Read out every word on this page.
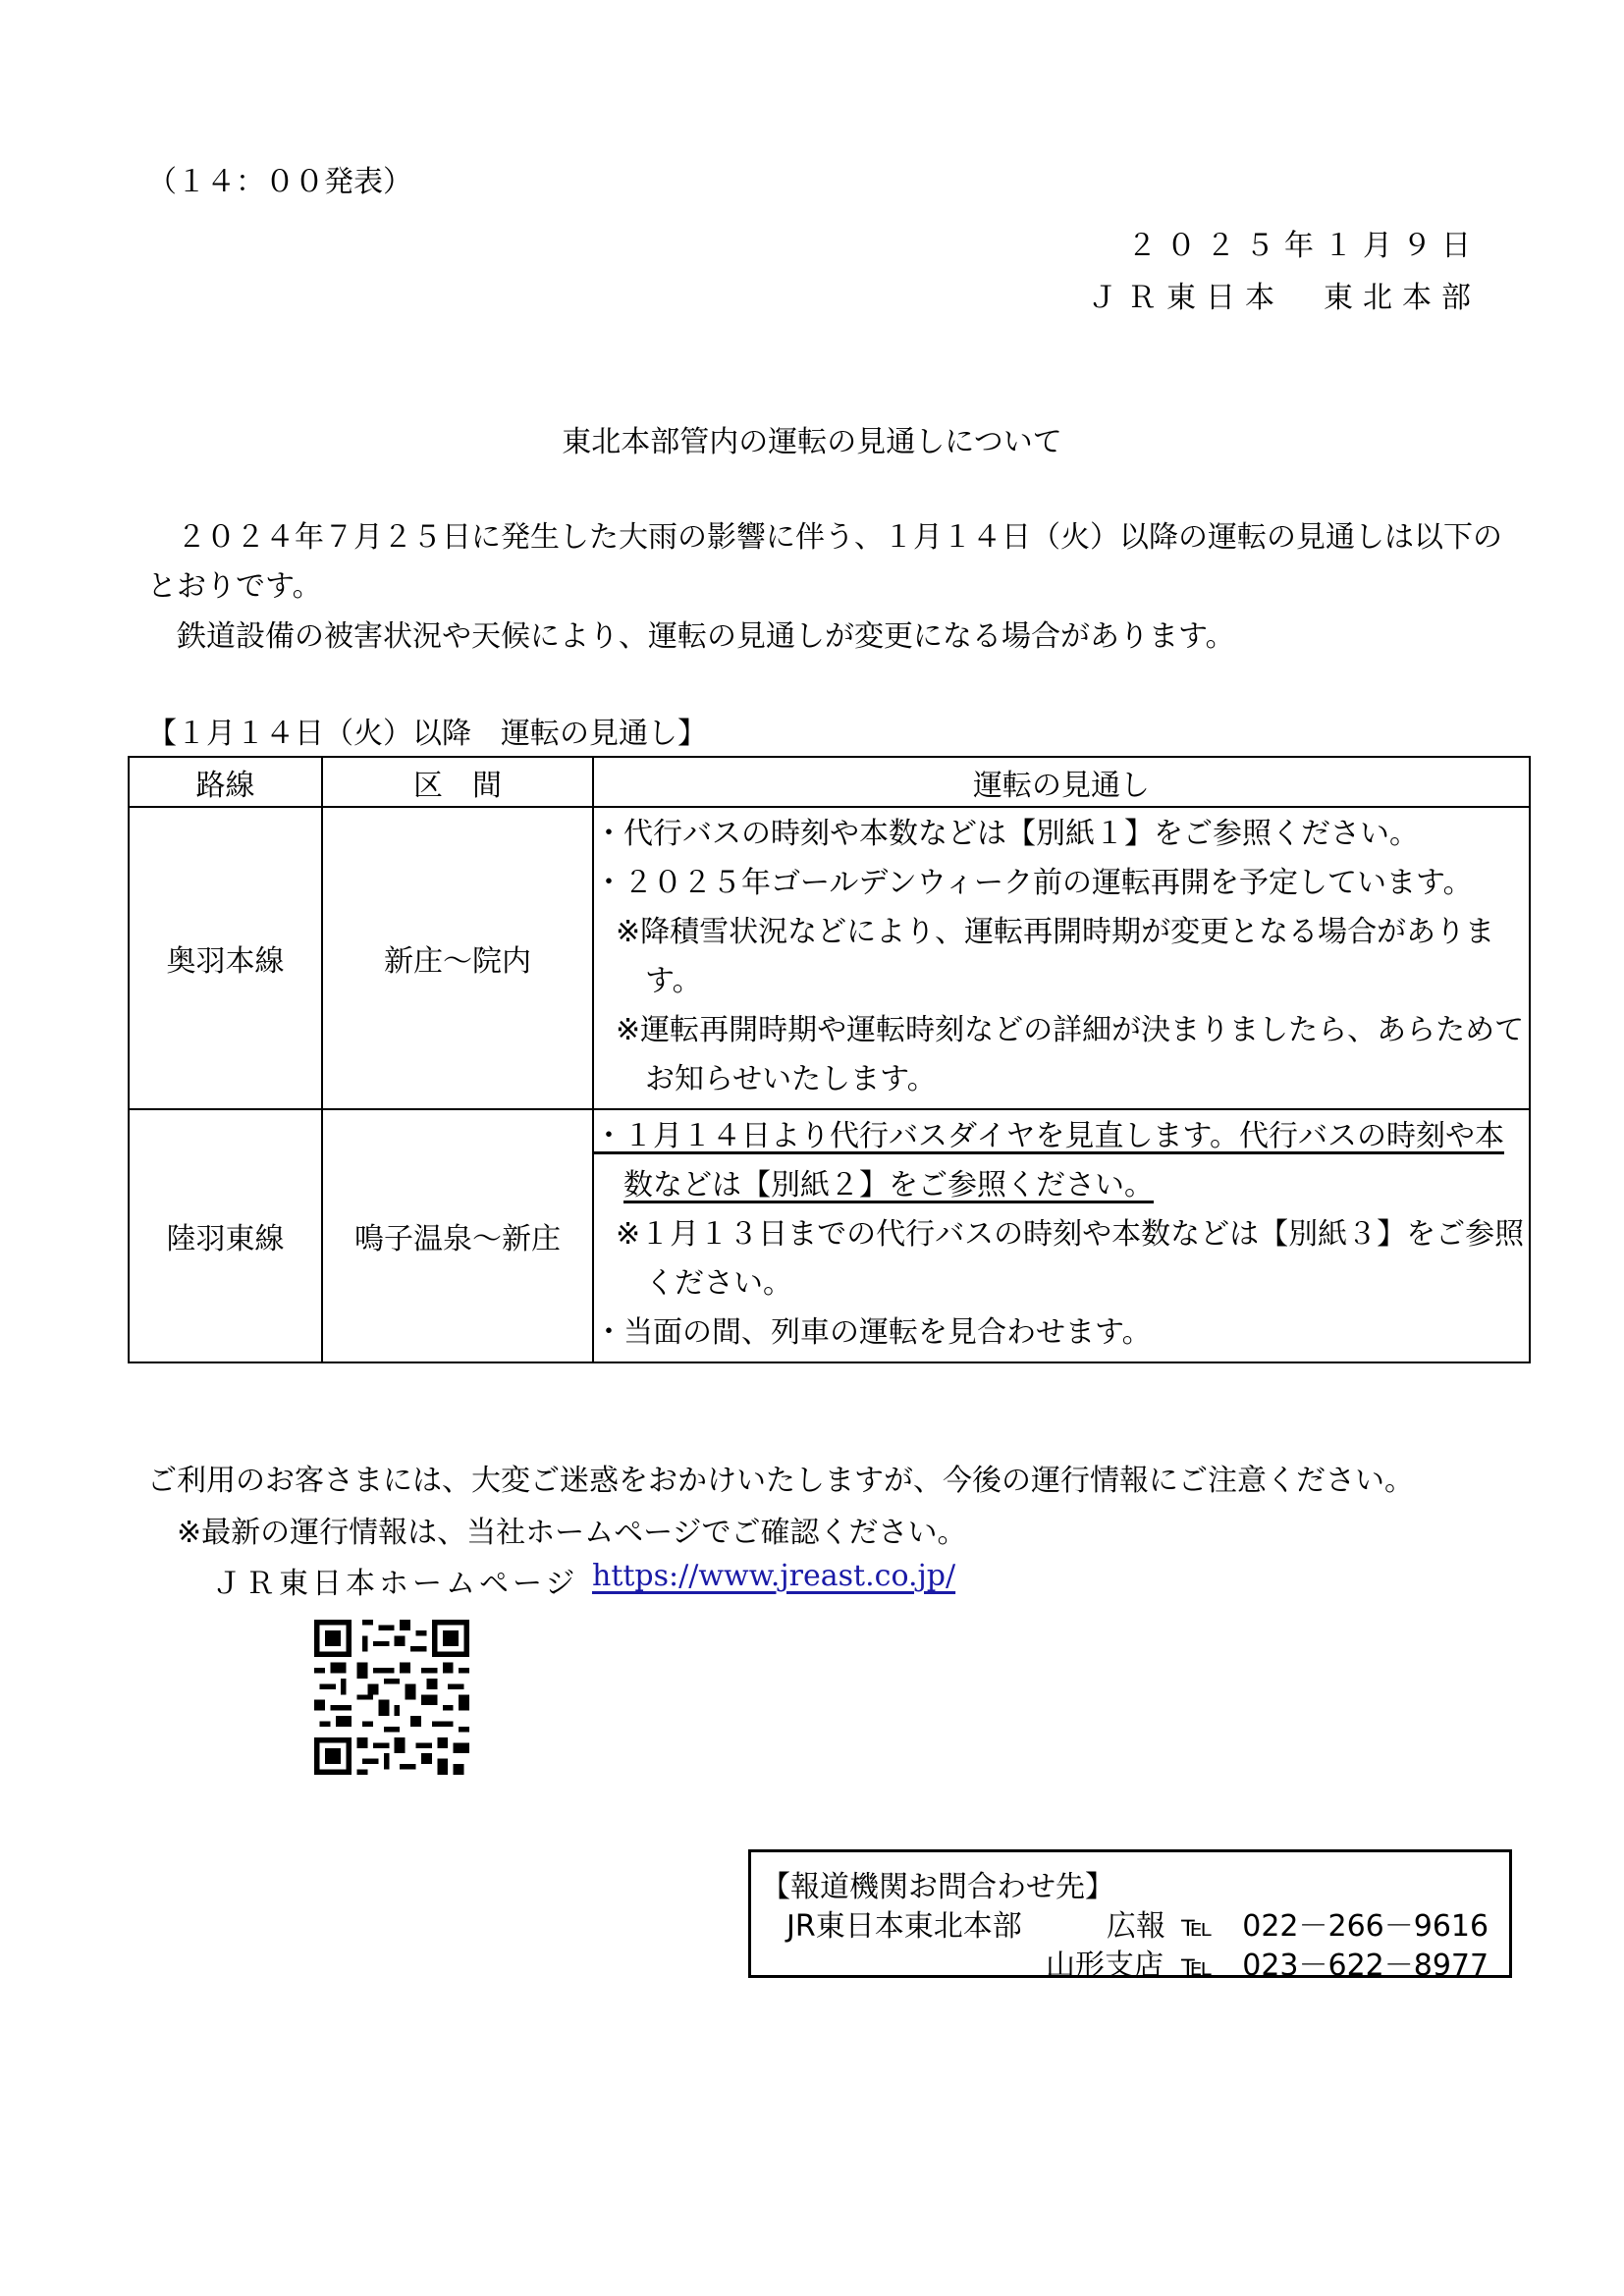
（１４：００発表）
２０２５年１月９日
ＪＲ東日本　東北本部
東北本部管内の運転の見通しについて
２０２４年７月２５日に発生した大雨の影響に伴う、１月１４日（火）以降の運転の見通しは以下のとおりです。
鉄道設備の被害状況や天候により、運転の見通しが変更になる場合があります。
【１月１４日（火）以降　運転の見通し】
路線	区　間	運転の見通し
奥羽本線	新庄～院内	・代行バスの時刻や本数などは【別紙１】をご参照ください。
・２０２５年ゴールデンウィーク前の運転再開を予定しています。
※降積雪状況などにより、運転再開時期が変更となる場合があります。
※運転再開時期や運転時刻などの詳細が決まりましたら、あらためてお知らせいたします。

陸羽東線	鳴子温泉～新庄	・１月１４日より代行バスダイヤを見直します。代行バスの時刻や本数などは【別紙２】をご参照ください。
※１月１３日までの代行バスの時刻や本数などは【別紙３】をご参照ください。
・当面の間、列車の運転を見合わせます。
ご利用のお客さまには、大変ご迷惑をおかけいたしますが、今後の運行情報にご注意ください。
※最新の運行情報は、当社ホームページでご確認ください。
ＪＲ東日本ホームページ https://www.jreast.co.jp/
【報道機関お問合わせ先】
JR東日本東北本部	広報 ℡　022－266－9616
山形支店 ℡　023－622－8977
